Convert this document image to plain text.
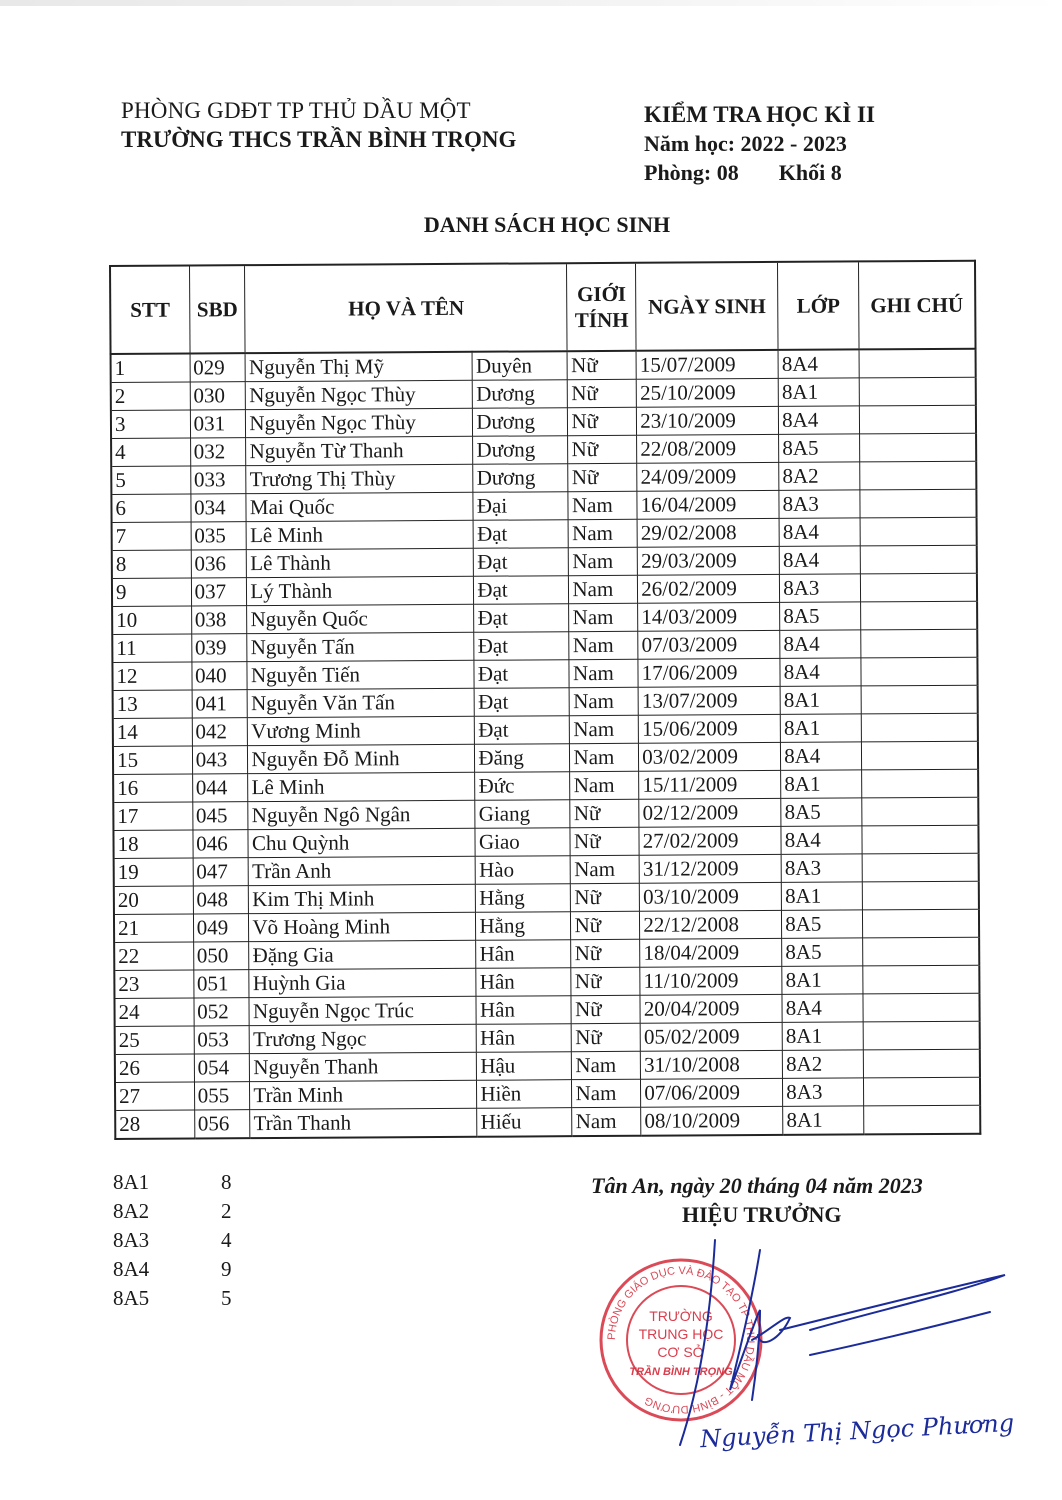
PHÒNG GDĐT TP THỦ DẦU MỘT
TRƯỜNG THCS TRẦN BÌNH TRỌNG
KIỂM TRA HỌC KÌ II
Năm học: 2022 - 2023
Phòng: 08 Khối 8
DANH SÁCH HỌC SINH
STT	SBD	HỌ VÀ TÊN		GIỚI
TÍNH	NGÀY SINH	LỚP	GHI CHÚ
1	029	Nguyễn Thị Mỹ	Duyên	Nữ	15/07/2009	8A4	
2	030	Nguyễn Ngọc Thùy	Dương	Nữ	25/10/2009	8A1	
3	031	Nguyễn Ngọc Thùy	Dương	Nữ	23/10/2009	8A4	
4	032	Nguyễn Từ Thanh	Dương	Nữ	22/08/2009	8A5	
5	033	Trương Thị Thùy	Dương	Nữ	24/09/2009	8A2	
6	034	Mai Quốc	Đại	Nam	16/04/2009	8A3	
7	035	Lê Minh	Đạt	Nam	29/02/2008	8A4	
8	036	Lê Thành	Đạt	Nam	29/03/2009	8A4	
9	037	Lý Thành	Đạt	Nam	26/02/2009	8A3	
10	038	Nguyễn Quốc	Đạt	Nam	14/03/2009	8A5	
11	039	Nguyễn Tấn	Đạt	Nam	07/03/2009	8A4	
12	040	Nguyễn Tiến	Đạt	Nam	17/06/2009	8A4	
13	041	Nguyễn Văn Tấn	Đạt	Nam	13/07/2009	8A1	
14	042	Vương Minh	Đạt	Nam	15/06/2009	8A1	
15	043	Nguyễn Đỗ Minh	Đăng	Nam	03/02/2009	8A4	
16	044	Lê Minh	Đức	Nam	15/11/2009	8A1	
17	045	Nguyễn Ngô Ngân	Giang	Nữ	02/12/2009	8A5	
18	046	Chu Quỳnh	Giao	Nữ	27/02/2009	8A4	
19	047	Trần Anh	Hào	Nam	31/12/2009	8A3	
20	048	Kim Thị Minh	Hằng	Nữ	03/10/2009	8A1	
21	049	Võ Hoàng Minh	Hằng	Nữ	22/12/2008	8A5	
22	050	Đặng Gia	Hân	Nữ	18/04/2009	8A5	
23	051	Huỳnh Gia	Hân	Nữ	11/10/2009	8A1	
24	052	Nguyễn Ngọc Trúc	Hân	Nữ	20/04/2009	8A4	
25	053	Trương Ngọc	Hân	Nữ	05/02/2009	8A1	
26	054	Nguyễn Thanh	Hậu	Nam	31/10/2008	8A2	
27	055	Trần Minh	Hiền	Nam	07/06/2009	8A3	
28	056	Trần Thanh	Hiếu	Nam	08/10/2009	8A1	
8A1	8
8A2	2
8A3	4
8A4	9
8A5	5
Tân An, ngày 20 tháng 04 năm 2023
HIỆU TRƯỞNG
PHÒNG GIÁO DỤC VÀ ĐÀO TẠO TP THỦ DẦU MỘT - BÌNH DƯƠNG
TRƯỜNG
TRUNG HỌC
CƠ SỞ
TRẦN BÌNH TRỌNG
Nguyễn Thị Ngọc Phương
